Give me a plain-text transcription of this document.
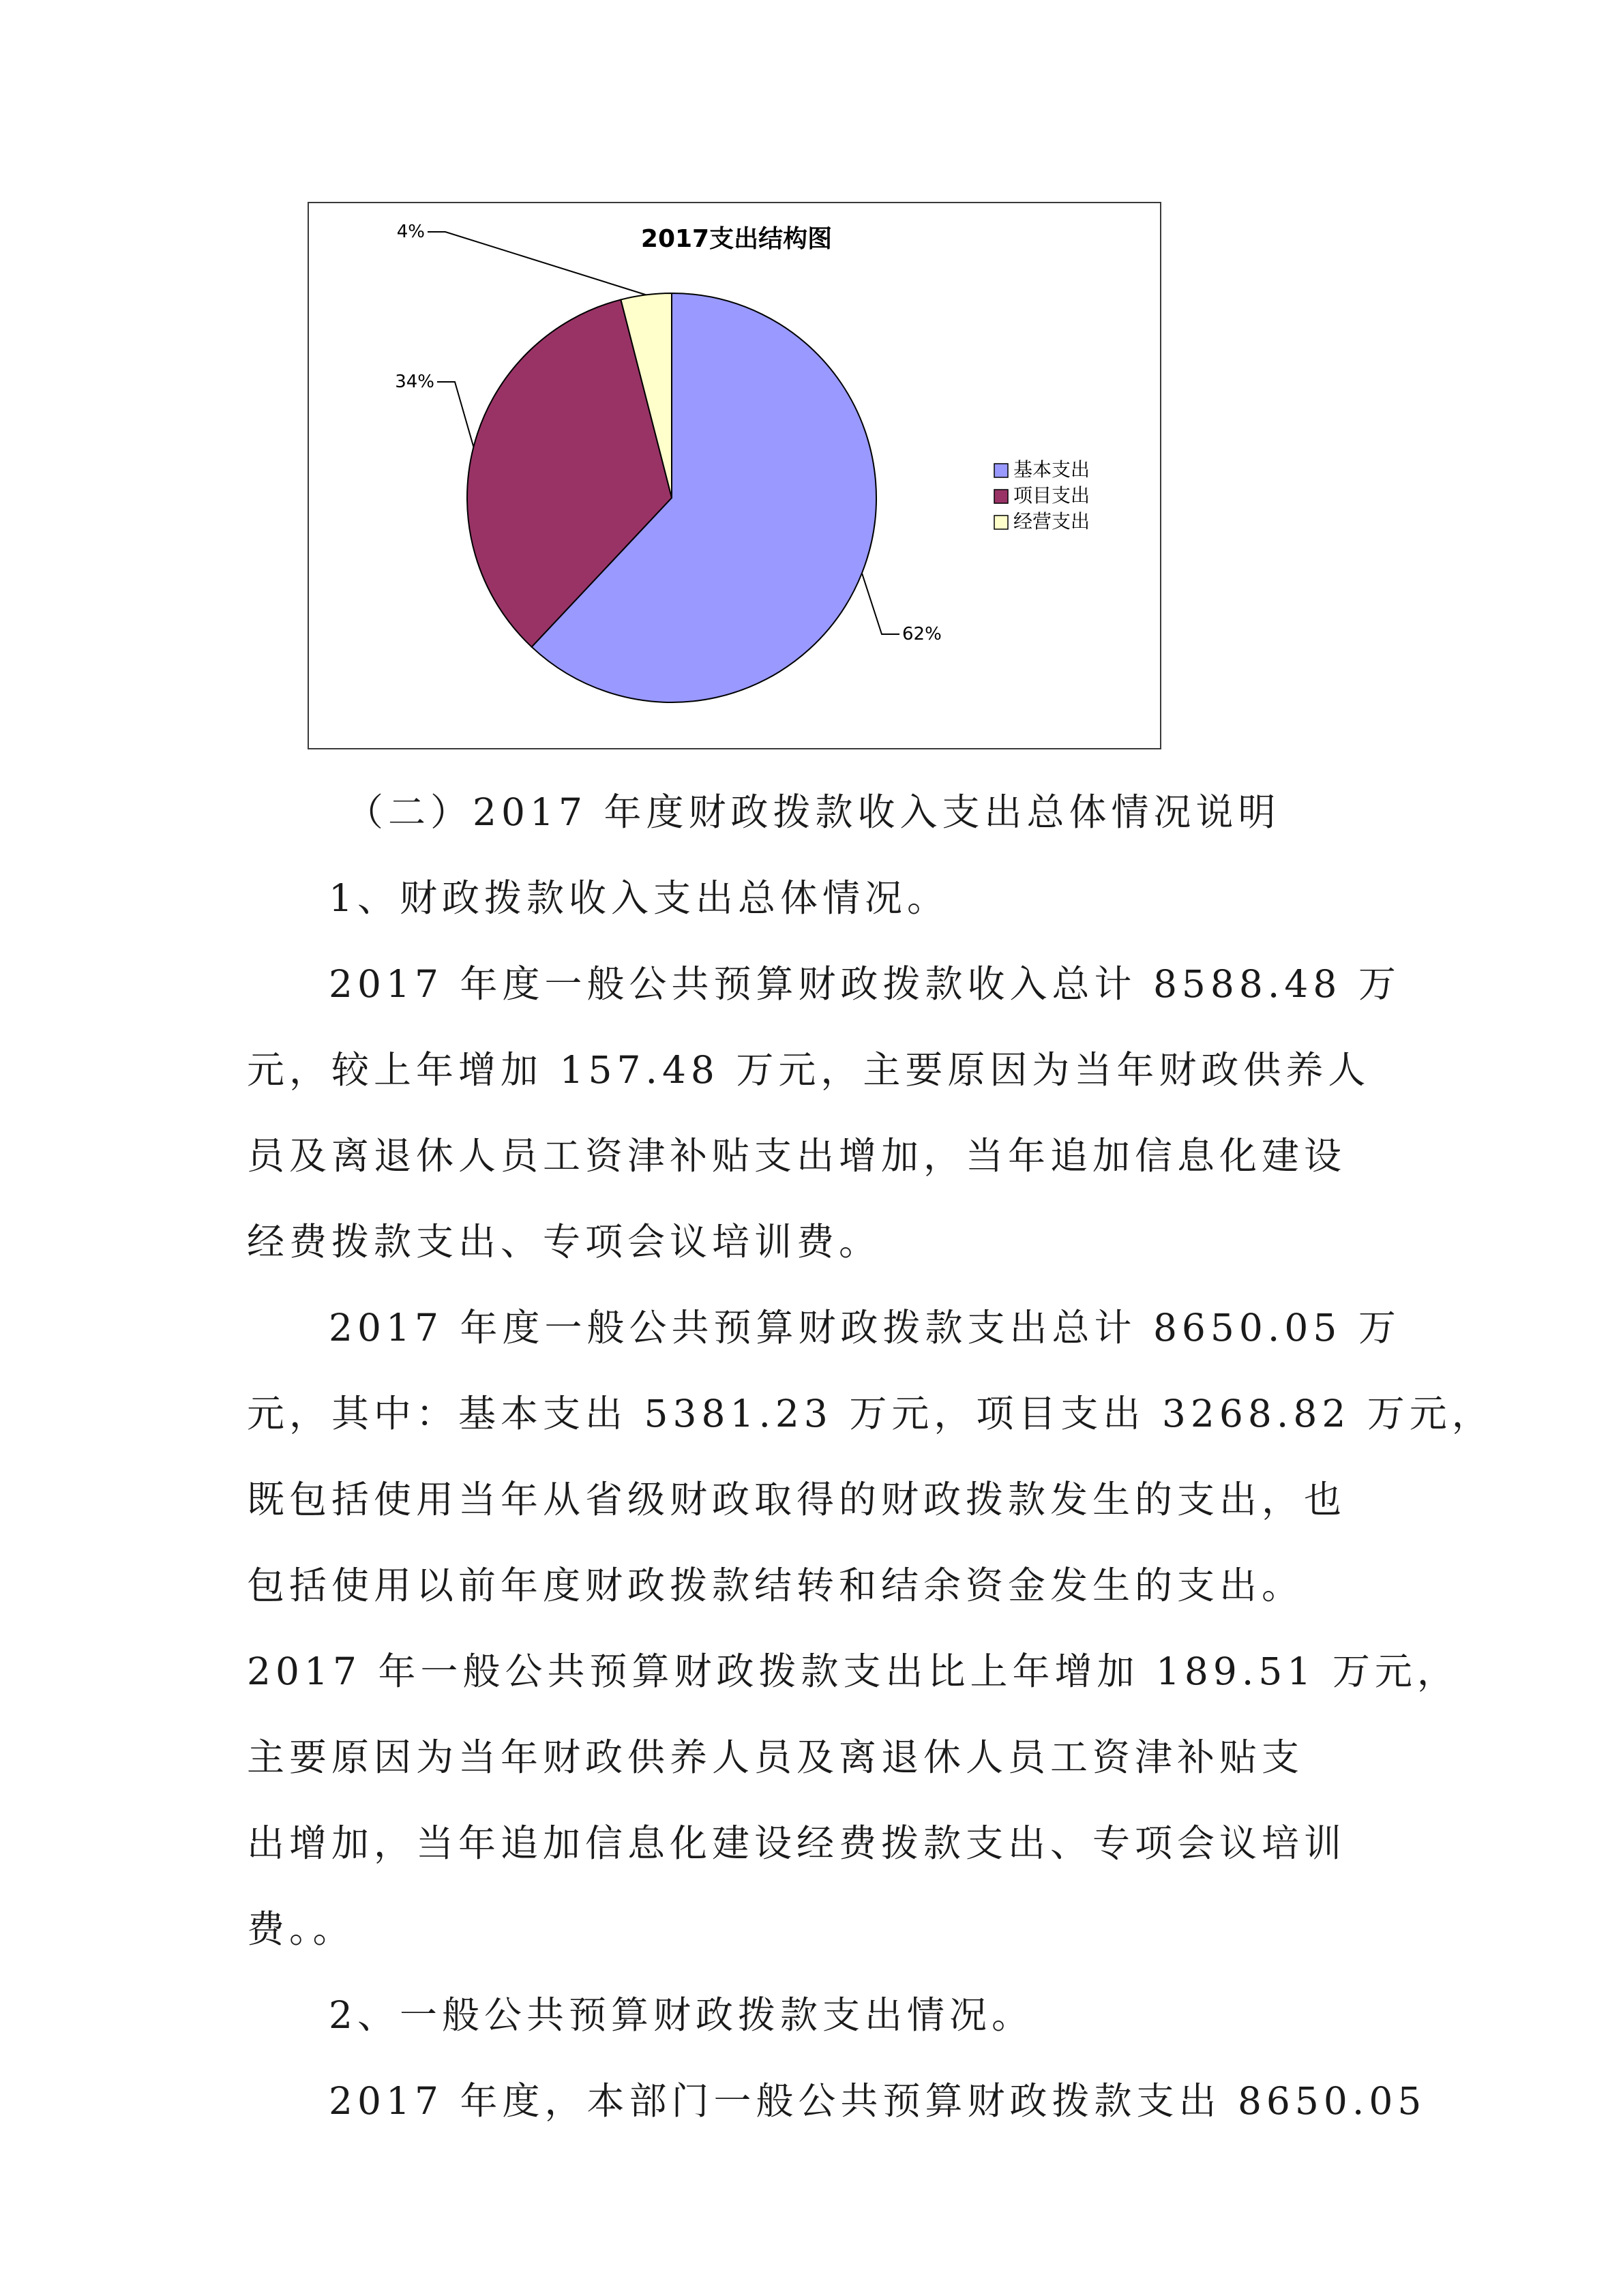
2017支出结构图
62%
34%
4%
基本支出
项目支出
经营支出

（二）2017 年度财政拨款收入支出总体情况说明

1、财政拨款收入支出总体情况。

2017 年度一般公共预算财政拨款收入总计 8588.48 万

元，较上年增加 157.48 万元，主要原因为当年财政供养人

员及离退休人员工资津补贴支出增加，当年追加信息化建设

经费拨款支出、专项会议培训费。

2017 年度一般公共预算财政拨款支出总计 8650.05 万

元，其中：基本支出 5381.23 万元，项目支出 3268.82 万元，

既包括使用当年从省级财政取得的财政拨款发生的支出，也

包括使用以前年度财政拨款结转和结余资金发生的支出。

2017 年一般公共预算财政拨款支出比上年增加 189.51 万元，

主要原因为当年财政供养人员及离退休人员工资津补贴支

出增加，当年追加信息化建设经费拨款支出、专项会议培训

费。。

2、一般公共预算财政拨款支出情况。

2017 年度，本部门一般公共预算财政拨款支出 8650.05
